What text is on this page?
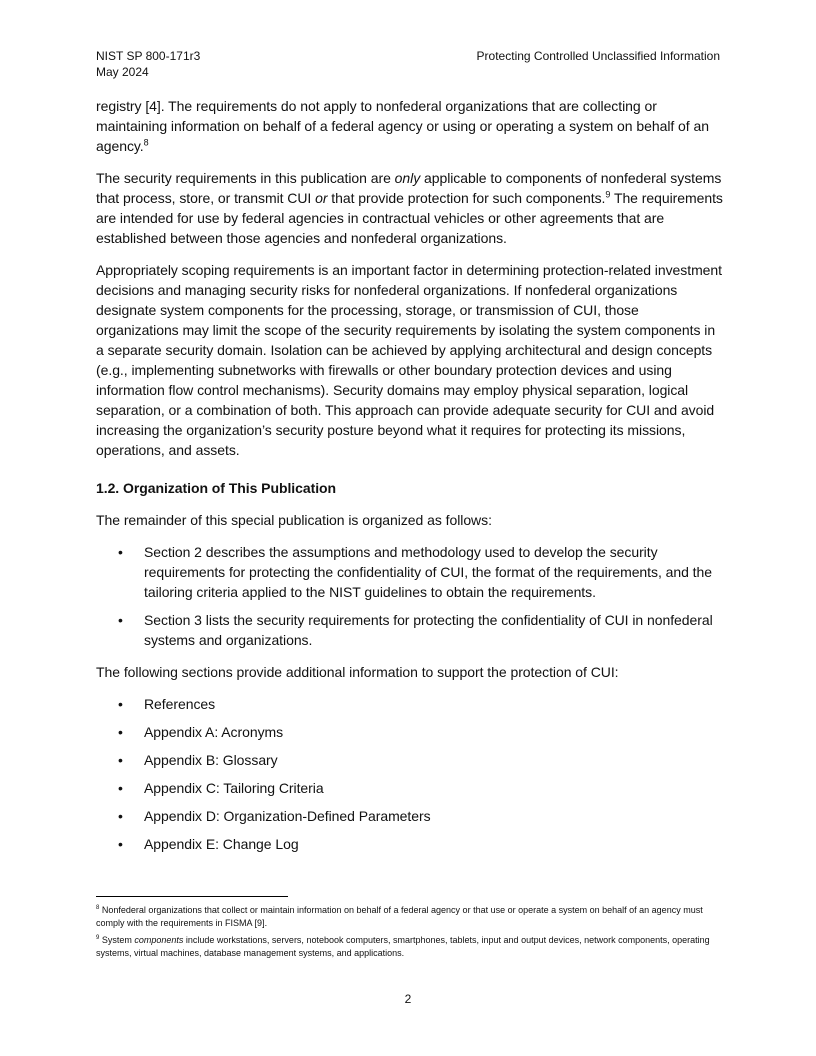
NIST SP 800-171r3
May 2024
Protecting Controlled Unclassified Information

registry [4]. The requirements do not apply to nonfederal organizations that are collecting or maintaining information on behalf of a federal agency or using or operating a system on behalf of an agency.$^8$

The security requirements in this publication are only applicable to components of nonfederal systems that process, store, or transmit CUI or that provide protection for such components.$^9$ The requirements are intended for use by federal agencies in contractual vehicles or other agreements that are established between those agencies and nonfederal organizations.

Appropriately scoping requirements is an important factor in determining protection-related investment decisions and managing security risks for nonfederal organizations. If nonfederal organizations designate system components for the processing, storage, or transmission of CUI, those organizations may limit the scope of the security requirements by isolating the system components in a separate security domain. Isolation can be achieved by applying architectural and design concepts (e.g., implementing subnetworks with firewalls or other boundary protection devices and using information flow control mechanisms). Security domains may employ physical separation, logical separation, or a combination of both. This approach can provide adequate security for CUI and avoid increasing the organization’s security posture beyond what it requires for protecting its missions, operations, and assets.

1.2. Organization of This Publication

The remainder of this special publication is organized as follows:

• Section 2 describes the assumptions and methodology used to develop the security requirements for protecting the confidentiality of CUI, the format of the requirements, and the tailoring criteria applied to the NIST guidelines to obtain the requirements.
• Section 3 lists the security requirements for protecting the confidentiality of CUI in nonfederal systems and organizations.

The following sections provide additional information to support the protection of CUI:

• References
• Appendix A: Acronyms
• Appendix B: Glossary
• Appendix C: Tailoring Criteria
• Appendix D: Organization-Defined Parameters
• Appendix E: Change Log
$^8$ Nonfederal organizations that collect or maintain information on behalf of a federal agency or that use or operate a system on behalf of an agency must comply with the requirements in FISMA [9].
$^9$ System components include workstations, servers, notebook computers, smartphones, tablets, input and output devices, network components, operating systems, virtual machines, database management systems, and applications.
2
